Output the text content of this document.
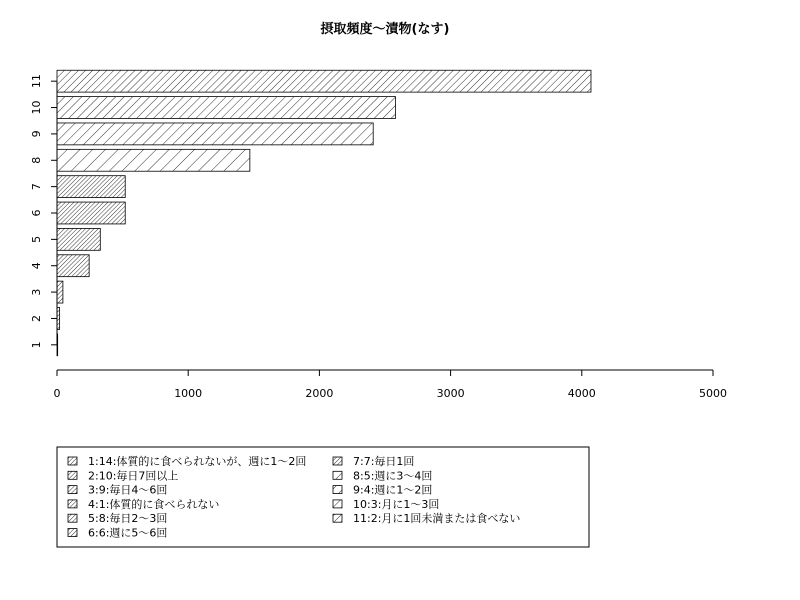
摂取頻度～漬物(なす)
0	1000	2000	3000	4000	5000
1
2
3
4
5
6
7
8
9
10
11
1:14:体質的に食べられないが、週に1～2回
2:10:毎日7回以上
3:9:毎日4～6回
4:1:体質的に食べられない
5:8:毎日2～3回
6:6:週に5～6回
7:7:毎日1回
8:5:週に3～4回
9:4:週に1～2回
10:3:月に1～3回
11:2:月に1回未満または食べない
